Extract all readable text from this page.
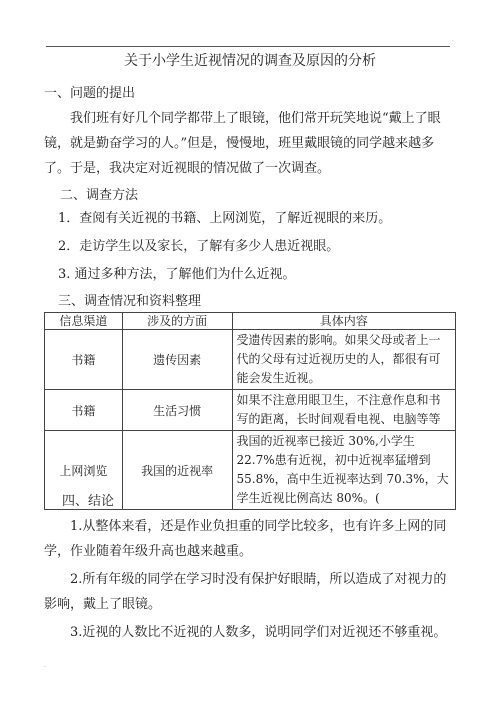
·
关于小学生近视情况的调查及原因的分析
一、问题的提出
我们班有好几个同学都带上了眼镜，他们常开玩笑地说“戴上了眼镜，就是勤奋学习的人。”但是，慢慢地，班里戴眼镜的同学越来越多了。于是，我决定对近视眼的情况做了一次调查。
二、调查方法
1．查阅有关近视的书籍、上网浏览，了解近视眼的来历。
2．走访学生以及家长，了解有多少人患近视眼。
3. 通过多种方法，了解他们为什么近视。
三、调查情况和资料整理
信息渠道	涉及的方面	具体内容
书籍	遗传因素	受遗传因素的影响。如果父母或者上一代的父母有过近视历史的人，都很有可能会发生近视。
书籍	生活习惯	如果不注意用眼卫生，不注意作息和书写的距离，长时间观看电视、电脑等等
上网浏览	我国的近视率	我国的近视率已接近 30%,小学生 22.7%患有近视，初中近视率猛增到 55.8%，高中生近视率达到 70.3%，大学生近视比例高达 80%。(
四、结论
1.从整体来看，还是作业负担重的同学比较多，也有许多上网的同学，作业随着年级升高也越来越重。
2.所有年级的同学在学习时没有保护好眼睛，所以造成了对视力的影响，戴上了眼镜。
3.近视的人数比不近视的人数多，说明同学们对近视还不够重视。
·
